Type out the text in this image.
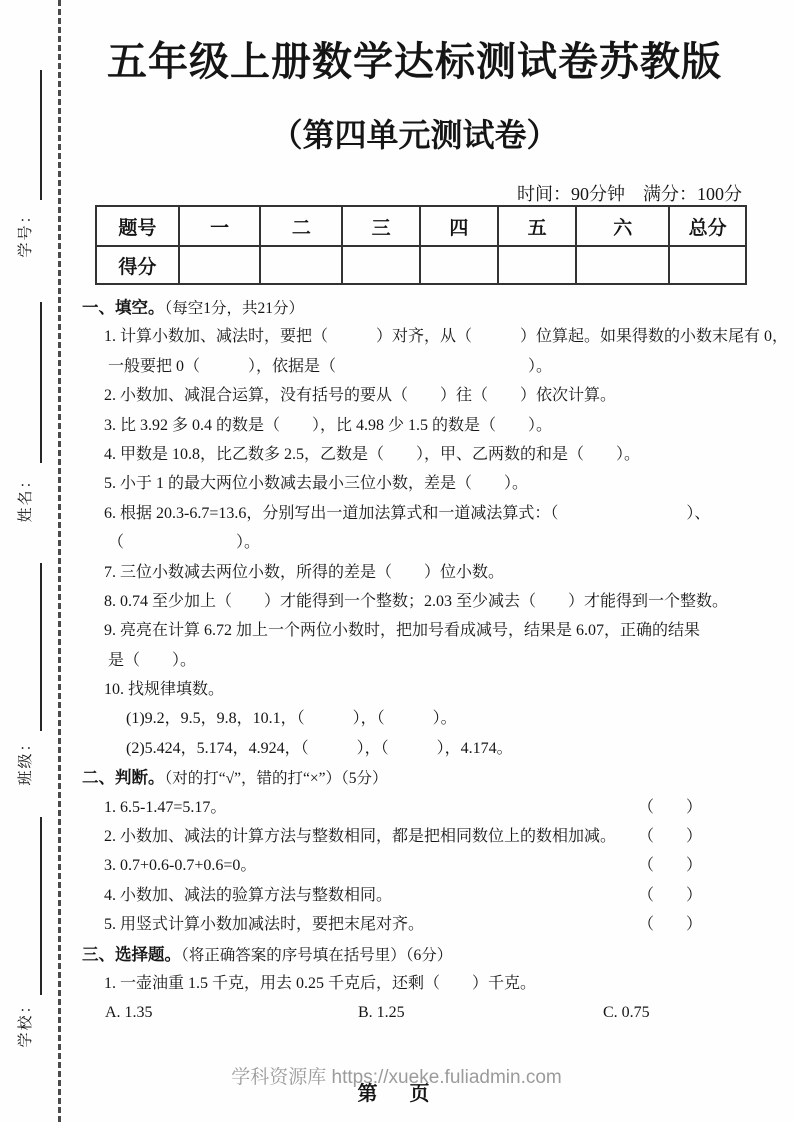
学号：
姓名：
班级：
学校：
五年级上册数学达标测试卷苏教版
（第四单元测试卷）
时间：90分钟　满分：100分
题号	一	二	三	四	五	六	总分
得分							
一、填空。（每空1分，共21分）
1. 计算小数加、减法时，要把（　　　）对齐，从（　　　）位算起。如果得数的小数末尾有 0，
一般要把 0（　　　），依据是（　　　　　　　　　　　　）。
2. 小数加、减混合运算，没有括号的要从（　　）往（　　）依次计算。
3. 比 3.92 多 0.4 的数是（　　），比 4.98 少 1.5 的数是（　　）。
4. 甲数是 10.8，比乙数多 2.5，乙数是（　　），甲、乙两数的和是（　　）。
5. 小于 1 的最大两位小数减去最小三位小数，差是（　　）。
6. 根据 20.3-6.7=13.6，分别写出一道加法算式和一道减法算式：（　　　　　　　　）、
（　　　　　　　）。
7. 三位小数减去两位小数，所得的差是（　　）位小数。
8. 0.74 至少加上（　　）才能得到一个整数；2.03 至少减去（　　）才能得到一个整数。
9. 亮亮在计算 6.72 加上一个两位小数时，把加号看成减号，结果是 6.07，正确的结果
是（　　）。
10. 找规律填数。
(1)9.2，9.5，9.8，10.1，（　　　），（　　　）。
(2)5.424，5.174，4.924，（　　　），（　　　），4.174。
二、判断。（对的打“√”，错的打“×”）（5分）
1. 6.5-1.47=5.17。	（　　）
2. 小数加、减法的计算方法与整数相同，都是把相同数位上的数相加减。 （　　）
3. 0.7+0.6-0.7+0.6=0。	（　　）
4. 小数加、减法的验算方法与整数相同。	（　　）
5. 用竖式计算小数加减法时，要把末尾对齐。	（　　）
三、选择题。（将正确答案的序号填在括号里）（6分）
1. 一壶油重 1.5 千克，用去 0.25 千克后，还剩（　　）千克。
A. 1.35	B. 1.25	C. 0.75
学科资源库 https://xueke.fuliadmin.com
第　页
